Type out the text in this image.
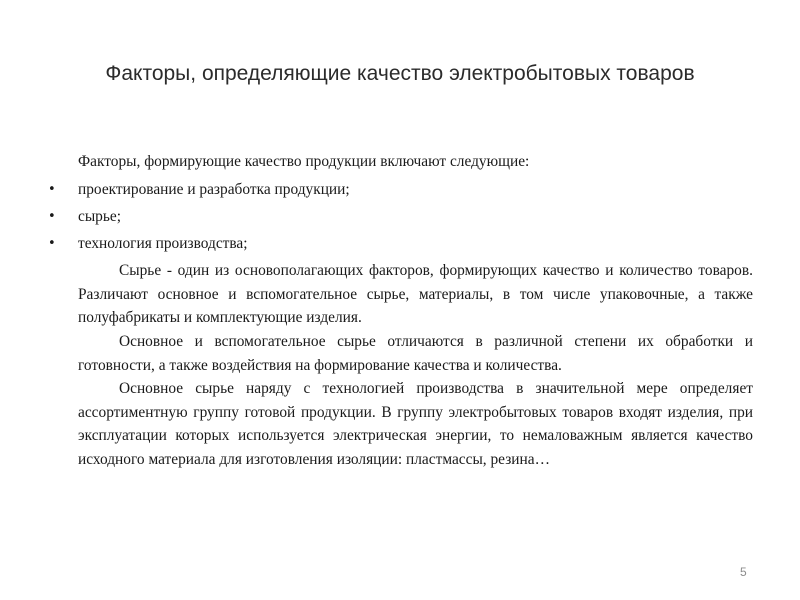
Факторы, определяющие качество электробытовых товаров
Факторы, формирующие качество продукции включают следующие:
• проектирование и разработка продукции;
• сырье;
• технология производства;

Сырье - один из основополагающих факторов, формирующих качество и количество товаров. Различают основное и вспомогательное сырье, материалы, в том числе упаковочные, а также полуфабрикаты и комплектующие изделия.

Основное и вспомогательное сырье отличаются в различной степени их обработки и готовности, а также воздействия на формирование качества и количества.

Основное сырье наряду с технологией производства в значительной мере определяет ассортиментную группу готовой продукции. В группу электробытовых товаров входят изделия, при эксплуатации которых используется электрическая энергии, то немаловажным является качество исходного материала для изготовления изоляции: пластмассы, резина…

5
